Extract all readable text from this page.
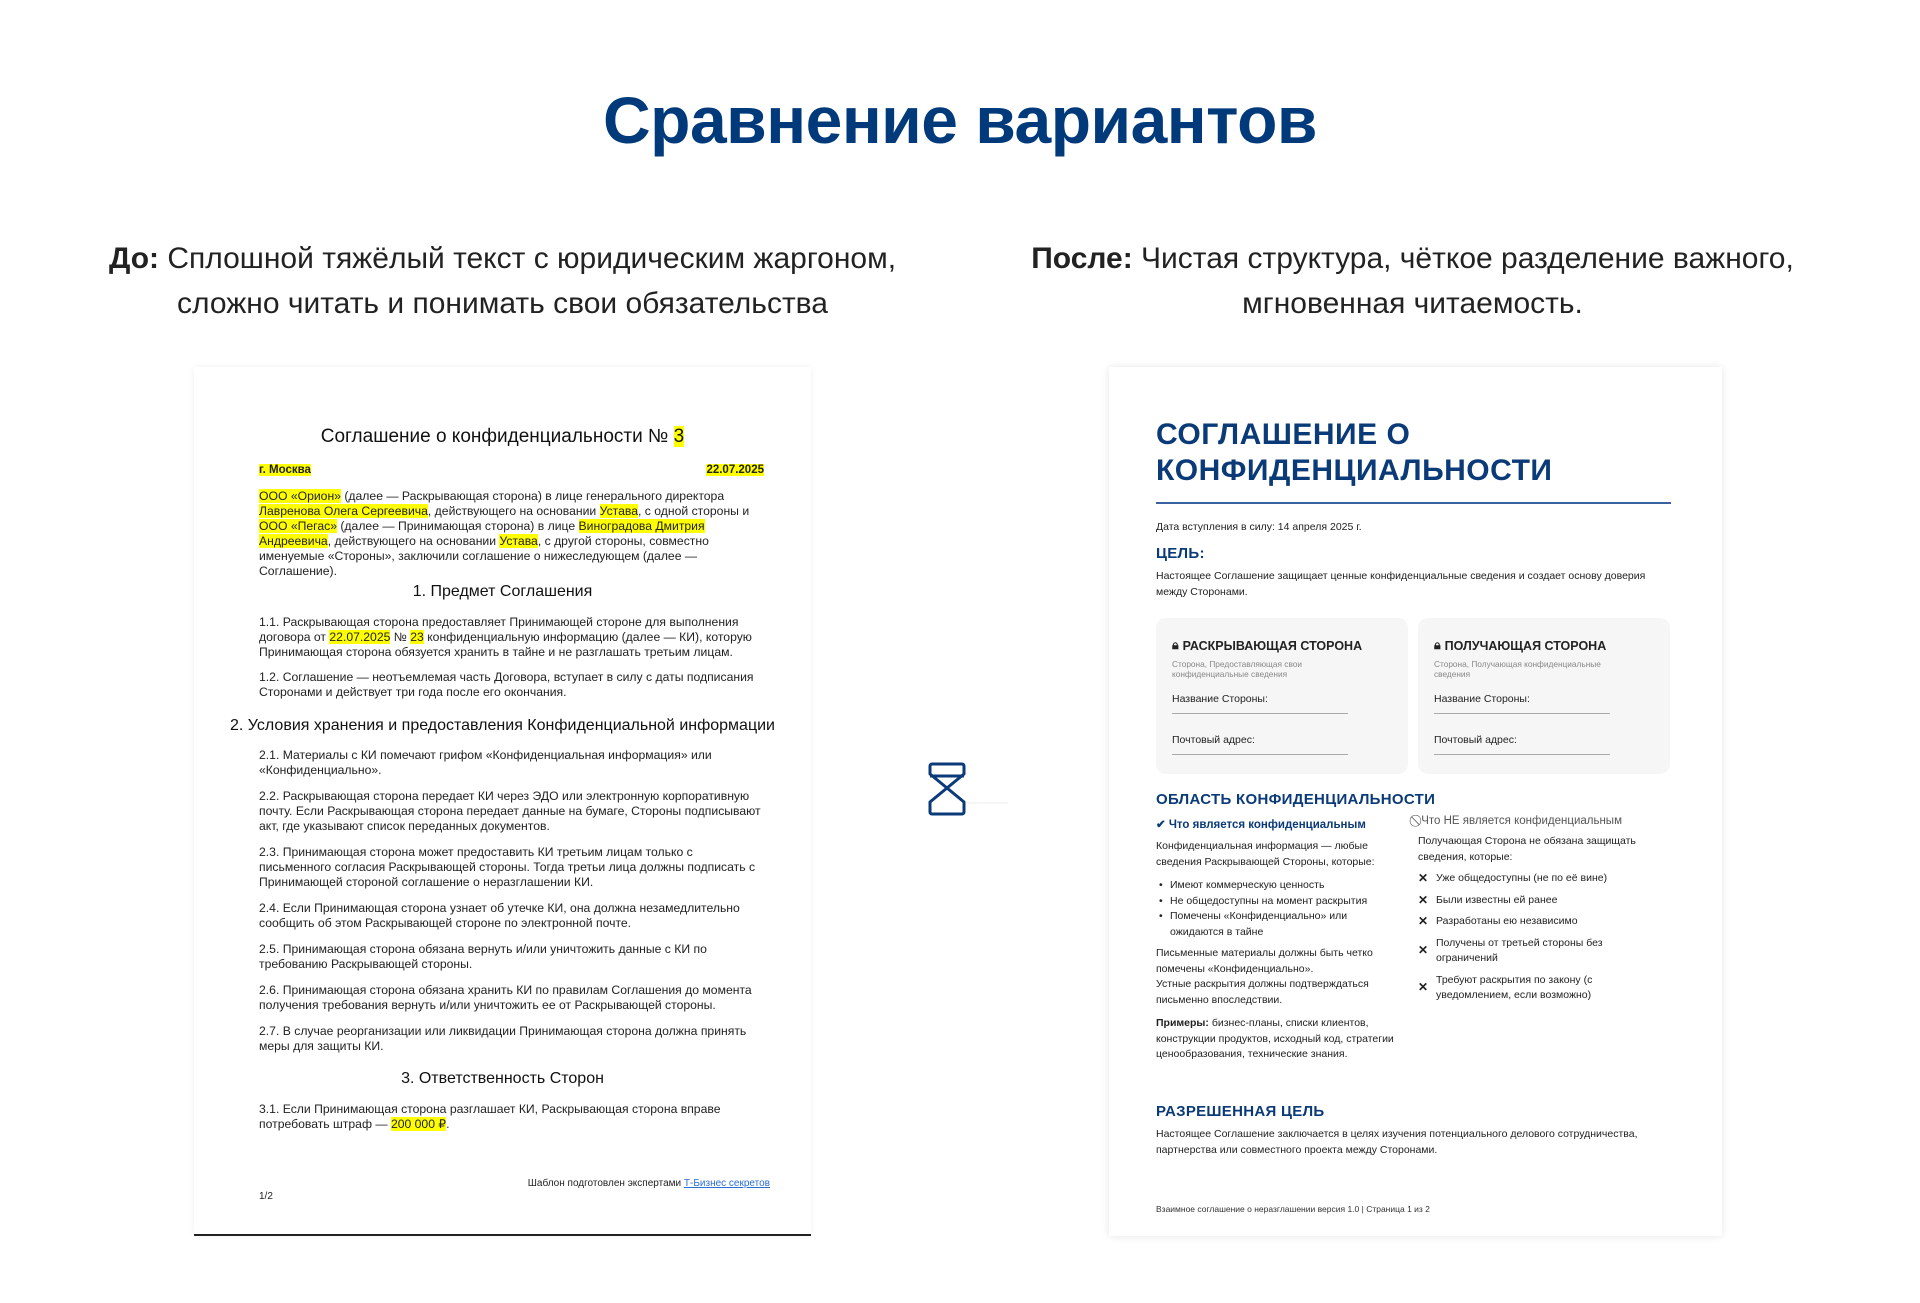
Сравнение вариантов
До: Сплошной тяжёлый текст с юридическим жаргоном,
сложно читать и понимать свои обязательства
После: Чистая структура, чёткое разделение важного,
мгновенная читаемость.
Соглашение о конфиденциальности № 3
г. Москва	22.07.2025
ООО «Орион» (далее — Раскрывающая сторона) в лице генерального директора Лавренова Олега Сергеевича, действующего на основании Устава, с одной стороны и ООО «Пегас» (далее — Принимающая сторона) в лице Виноградова Дмитрия Андреевича, действующего на основании Устава, с другой стороны, совместно именуемые «Стороны», заключили соглашение о нижеследующем (далее — Соглашение).
1. Предмет Соглашения
1.1. Раскрывающая сторона предоставляет Принимающей стороне для выполнения договора от 22.07.2025 № 23 конфиденциальную информацию (далее — КИ), которую Принимающая сторона обязуется хранить в тайне и не разглашать третьим лицам.
1.2. Соглашение — неотъемлемая часть Договора, вступает в силу с даты подписания Сторонами и действует три года после его окончания.
2. Условия хранения и предоставления Конфиденциальной информации
2.1. Материалы с КИ помечают грифом «Конфиденциальная информация» или «Конфиденциально».
2.2. Раскрывающая сторона передает КИ через ЭДО или электронную корпоративную почту. Если Раскрывающая сторона передает данные на бумаге, Стороны подписывают акт, где указывают список переданных документов.
2.3. Принимающая сторона может предоставить КИ третьим лицам только с письменного согласия Раскрывающей стороны. Тогда третьи лица должны подписать с Принимающей стороной соглашение о неразглашении КИ.
2.4. Если Принимающая сторона узнает об утечке КИ, она должна незамедлительно сообщить об этом Раскрывающей стороне по электронной почте.
2.5. Принимающая сторона обязана вернуть и/или уничтожить данные с КИ по требованию Раскрывающей стороны.
2.6. Принимающая сторона обязана хранить КИ по правилам Соглашения до момента получения требования вернуть и/или уничтожить ее от Раскрывающей стороны.
2.7. В случае реорганизации или ликвидации Принимающая сторона должна принять меры для защиты КИ.
3. Ответственность Сторон
3.1. Если Принимающая сторона разглашает КИ, Раскрывающая сторона вправе потребовать штраф — 200 000 ₽.
Шаблон подготовлен экспертами Т-Бизнес секретов
1/2
СОГЛАШЕНИЕ О КОНФИДЕНЦИАЛЬНОСТИ
Дата вступления в силу: 14 апреля 2025 г.
ЦЕЛЬ:
Настоящее Соглашение защищает ценные конфиденциальные сведения и создает основу доверия между Сторонами.
🔒︎ РАСКРЫВАЮЩАЯ СТОРОНА
Сторона, Предоставляющая свои конфиденциальные сведения
Название Стороны:
Почтовый адрес:
🔒︎ ПОЛУЧАЮЩАЯ СТОРОНА
Сторона, Получающая конфиденциальные сведения
Название Стороны:
Почтовый адрес:
ОБЛАСТЬ КОНФИДЕНЦИАЛЬНОСТИ
✔ Что является конфиденциальным
Конфиденциальная информация — любые сведения Раскрывающей Стороны, которые:
• Имеют коммерческую ценность
• Не общедоступны на момент раскрытия
• Помечены «Конфиденциально» или ожидаются в тайне
Письменные материалы должны быть четко помечены «Конфиденциально».
Устные раскрытия должны подтверждаться письменно впоследствии.
Примеры: бизнес-планы, списки клиентов, конструкции продуктов, исходный код, стратегии ценообразования, технические знания.
⃠ Что НЕ является конфиденциальным
Получающая Сторона не обязана защищать сведения, которые:
✕ Уже общедоступны (не по её вине)
✕ Были известны ей ранее
✕ Разработаны ею независимо
✕
Получены от третьей стороны без ограничений
✕
Требуют раскрытия по закону (с уведомлением, если возможно)
РАЗРЕШЕННАЯ ЦЕЛЬ
Настоящее Соглашение заключается в целях изучения потенциального делового сотрудничества, партнерства или совместного проекта между Сторонами.
Взаимное соглашение о неразглашении версия 1.0 | Страница 1 из 2
